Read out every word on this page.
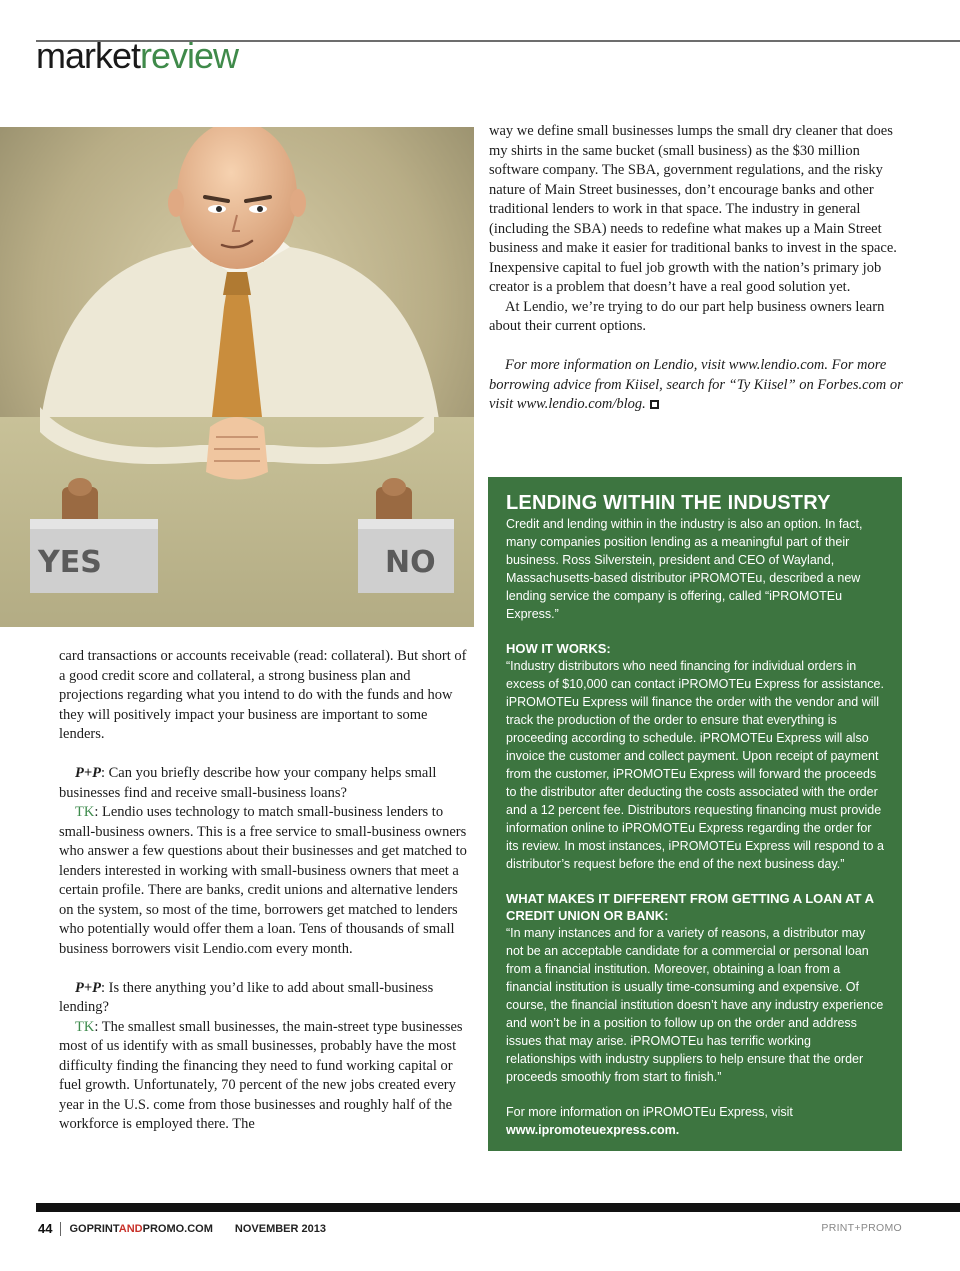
marketreview
YES	NO

way we define small businesses lumps the small dry cleaner that does my shirts in the same bucket (small business) as the $30 million software company. The SBA, government regulations, and the risky nature of Main Street businesses, don’t encourage banks and other traditional lenders to work in that space. The industry in general (including the SBA) needs to redefine what makes up a Main Street business and make it easier for traditional banks to invest in the space. Inexpensive capital to fuel job growth with the nation’s primary job creator is a problem that doesn’t have a real good solution yet.

At Lendio, we’re trying to do our part help business owners learn about their current options.

For more information on Lendio, visit www.lendio.com. For more borrowing advice from Kiisel, search for “Ty Kiisel” on Forbes.com or visit www.lendio.com/blog.

card transactions or accounts receivable (read: collateral). But short of a good credit score and collateral, a strong business plan and projections regarding what you intend to do with the funds and how they will positively impact your business are important to some lenders.

P+P: Can you briefly describe how your company helps small businesses find and receive small-business loans?

TK: Lendio uses technology to match small-business lenders to small-business owners. This is a free service to small-business owners who answer a few questions about their businesses and get matched to lenders interested in working with small-business owners that meet a certain profile. There are banks, credit unions and alternative lenders on the system, so most of the time, borrowers get matched to lenders who potentially would offer them a loan. Tens of thousands of small business borrowers visit Lendio.com every month.

P+P: Is there anything you’d like to add about small-business lending?

TK: The smallest small businesses, the main-street type businesses most of us identify with as small businesses, probably have the most difficulty finding the financing they need to fund working capital or fuel growth. Unfortunately, 70 percent of the new jobs created every year in the U.S. come from those businesses and roughly half of the workforce is employed there. The

LENDING WITHIN THE INDUSTRY

Credit and lending within in the industry is also an option. In fact, many companies position lending as a meaningful part of their business. Ross Silverstein, president and CEO of Wayland, Massachusetts-based distributor iPROMOTEu, described a new lending service the company is offering, called “iPROMOTEu Express.”

HOW IT WORKS:

“Industry distributors who need financing for individual orders in excess of $10,000 can contact iPROMOTEu Express for assistance. iPROMOTEu Express will finance the order with the vendor and will track the production of the order to ensure that everything is proceeding according to schedule. iPROMOTEu Express will also invoice the customer and collect payment. Upon receipt of payment from the customer, iPROMOTEu Express will forward the proceeds to the distributor after deducting the costs associated with the order and a 12 percent fee. Distributors requesting financing must provide information online to iPROMOTEu Express regarding the order for its review. In most instances, iPROMOTEu Express will respond to a distributor’s request before the end of the next business day.”

WHAT MAKES IT DIFFERENT FROM GETTING A LOAN AT A CREDIT UNION OR BANK:

“In many instances and for a variety of reasons, a distributor may not be an acceptable candidate for a commercial or personal loan from a financial institution. Moreover, obtaining a loan from a financial institution is usually time-consuming and expensive. Of course, the financial institution doesn’t have any industry experience and won’t be in a position to follow up on the order and address issues that may arise. iPROMOTEu has terrific working relationships with industry suppliers to help ensure that the order proceeds smoothly from start to finish.”

For more information on iPROMOTEu Express, visit

www.ipromoteuexpress.com.

44 GOPRINTANDPROMO.COM NOVEMBER 2013	PRINT+PROMO
